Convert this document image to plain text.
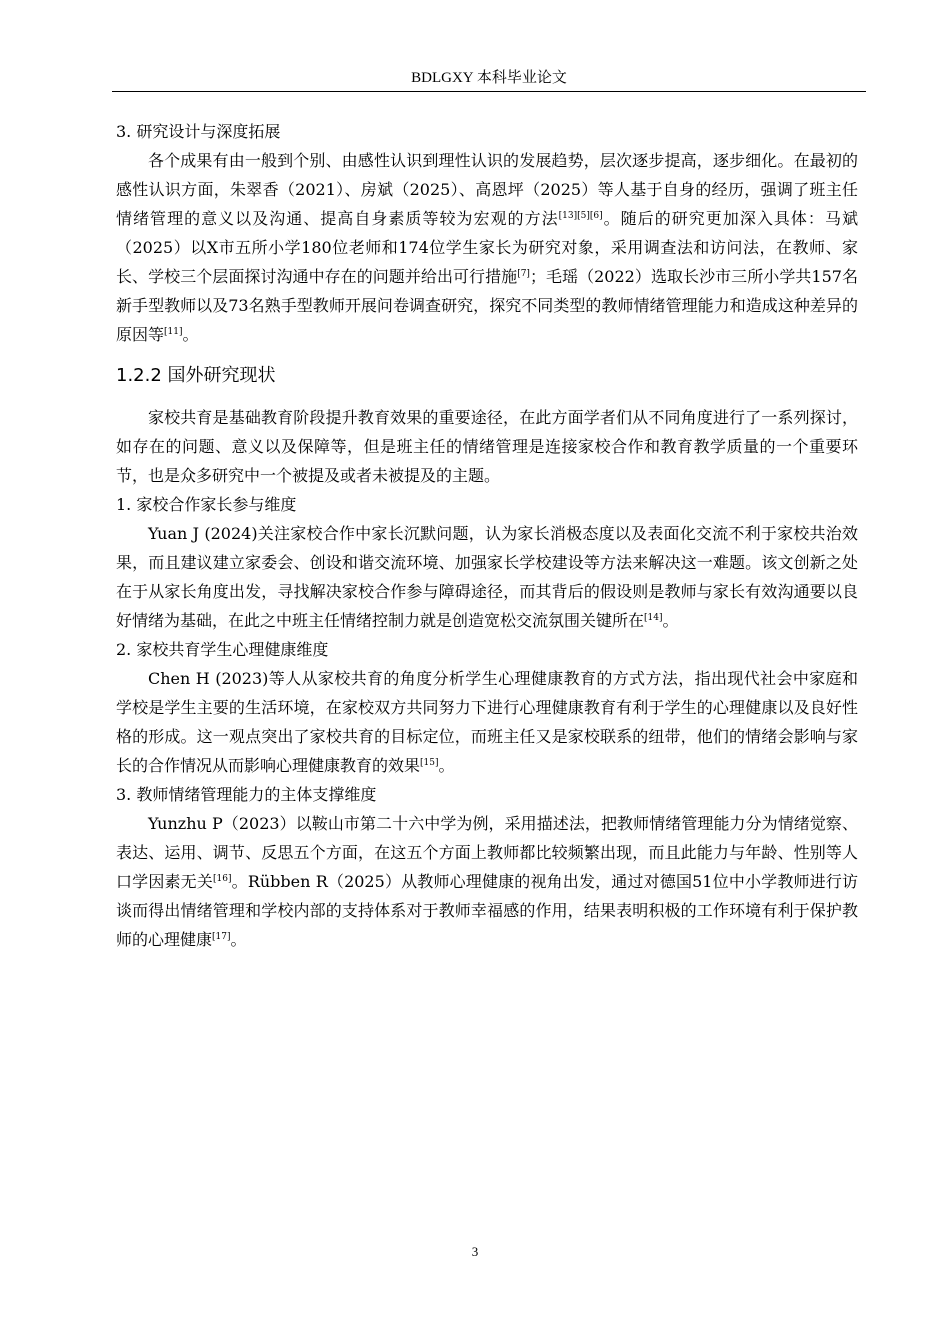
BDLGXY 本科毕业论文

3. 研究设计与深度拓展

各个成果有由一般到个别、由感性认识到理性认识的发展趋势，层次逐步提高，逐步细化。在最初的感性认识方面，朱翠香（2021）、房斌（2025）、高恩坪（2025）等人基于自身的经历，强调了班主任情绪管理的意义以及沟通、提高自身素质等较为宏观的方法[13][5][6]。随后的研究更加深入具体：马斌（2025）以X市五所小学180位老师和174位学生家长为研究对象，采用调查法和访问法，在教师、家长、学校三个层面探讨沟通中存在的问题并给出可行措施[7]；毛瑶（2022）选取长沙市三所小学共157名新手型教师以及73名熟手型教师开展问卷调查研究，探究不同类型的教师情绪管理能力和造成这种差异的原因等[11]。

1.2.2 国外研究现状

家校共育是基础教育阶段提升教育效果的重要途径，在此方面学者们从不同角度进行了一系列探讨，如存在的问题、意义以及保障等，但是班主任的情绪管理是连接家校合作和教育教学质量的一个重要环节，也是众多研究中一个被提及或者未被提及的主题。

1. 家校合作家长参与维度

Yuan J (2024)关注家校合作中家长沉默问题，认为家长消极态度以及表面化交流不利于家校共治效果，而且建议建立家委会、创设和谐交流环境、加强家长学校建设等方法来解决这一难题。该文创新之处在于从家长角度出发，寻找解决家校合作参与障碍途径，而其背后的假设则是教师与家长有效沟通要以良好情绪为基础，在此之中班主任情绪控制力就是创造宽松交流氛围关键所在[14]。

2. 家校共育学生心理健康维度

Chen H (2023)等人从家校共育的角度分析学生心理健康教育的方式方法，指出现代社会中家庭和学校是学生主要的生活环境，在家校双方共同努力下进行心理健康教育有利于学生的心理健康以及良好性格的形成。这一观点突出了家校共育的目标定位，而班主任又是家校联系的纽带，他们的情绪会影响与家长的合作情况从而影响心理健康教育的效果[15]。

3. 教师情绪管理能力的主体支撑维度

Yunzhu P（2023）以鞍山市第二十六中学为例，采用描述法，把教师情绪管理能力分为情绪觉察、表达、运用、调节、反思五个方面，在这五个方面上教师都比较频繁出现，而且此能力与年龄、性别等人口学因素无关[16]。Rübben R（2025）从教师心理健康的视角出发，通过对德国51位中小学教师进行访谈而得出情绪管理和学校内部的支持体系对于教师幸福感的作用，结果表明积极的工作环境有利于保护教师的心理健康[17]。

3
